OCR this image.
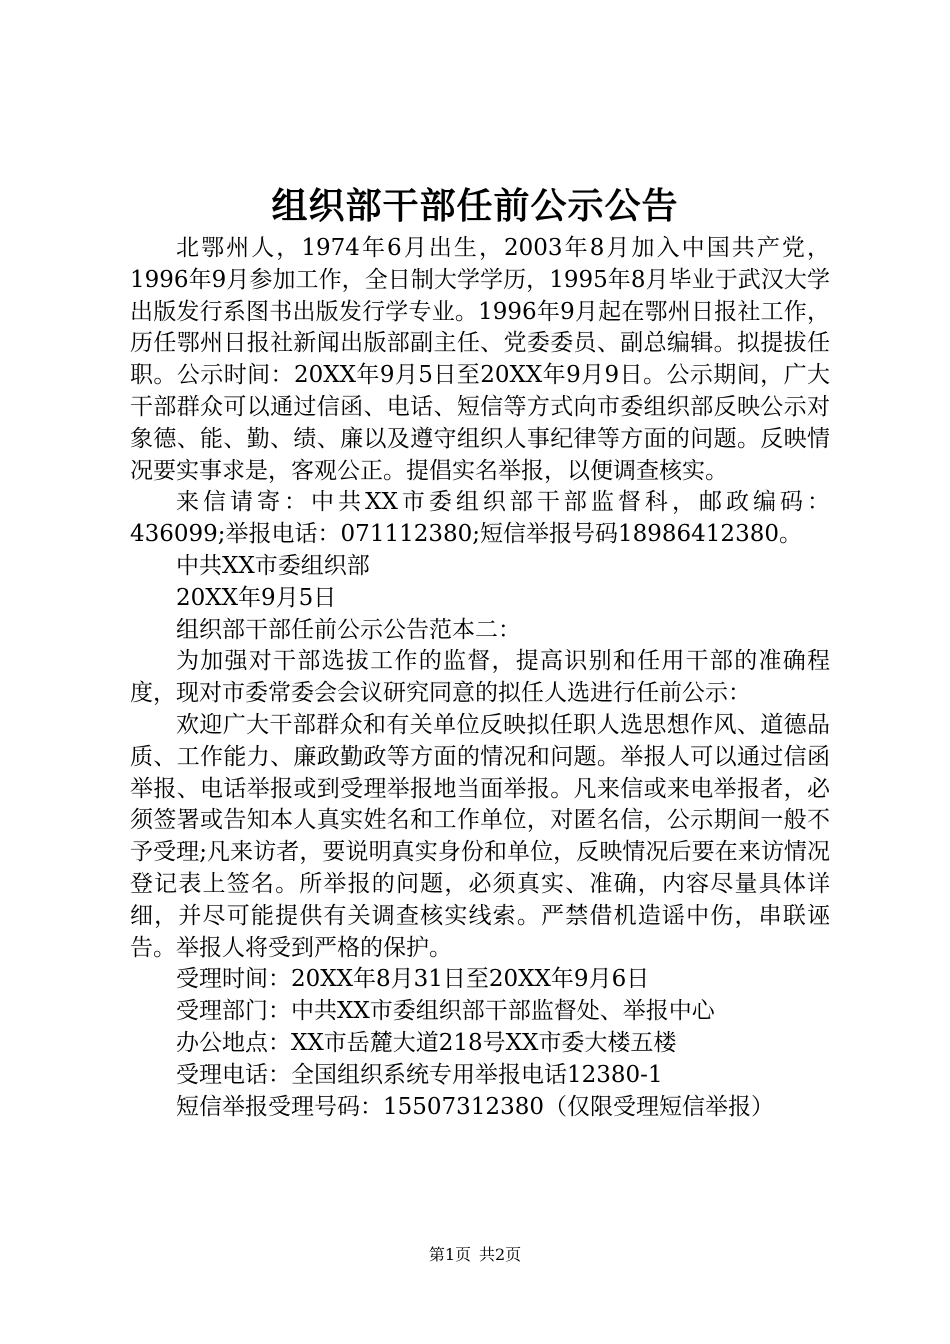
组织部干部任前公示公告

北鄂州人，1974年6月出生，2003年8月加入中国共产党，1996年9月参加工作，全日制大学学历，1995年8月毕业于武汉大学出版发行系图书出版发行学专业。1996年9月起在鄂州日报社工作，历任鄂州日报社新闻出版部副主任、党委委员、副总编辑。拟提拔任职。公示时间：20XX年9月5日至20XX年9月9日。公示期间，广大干部群众可以通过信函、电话、短信等方式向市委组织部反映公示对象德、能、勤、绩、廉以及遵守组织人事纪律等方面的问题。反映情况要实事求是，客观公正。提倡实名举报，以便调查核实。

来信请寄：中共XX市委组织部干部监督科，邮政编码：436099;举报电话：071112380;短信举报号码18986412380。

中共XX市委组织部

20XX年9月5日

组织部干部任前公示公告范本二：

为加强对干部选拔工作的监督，提高识别和任用干部的准确程度，现对市委常委会会议研究同意的拟任人选进行任前公示：

欢迎广大干部群众和有关单位反映拟任职人选思想作风、道德品质、工作能力、廉政勤政等方面的情况和问题。举报人可以通过信函举报、电话举报或到受理举报地当面举报。凡来信或来电举报者，必须签署或告知本人真实姓名和工作单位，对匿名信，公示期间一般不予受理;凡来访者，要说明真实身份和单位，反映情况后要在来访情况登记表上签名。所举报的问题，必须真实、准确，内容尽量具体详细，并尽可能提供有关调查核实线索。严禁借机造谣中伤，串联诬告。举报人将受到严格的保护。

受理时间：20XX年8月31日至20XX年9月6日

受理部门：中共XX市委组织部干部监督处、举报中心

办公地点：XX市岳麓大道218号XX市委大楼五楼

受理电话：全国组织系统专用举报电话12380-1

短信举报受理号码：15507312380（仅限受理短信举报）

第1页 共2页
